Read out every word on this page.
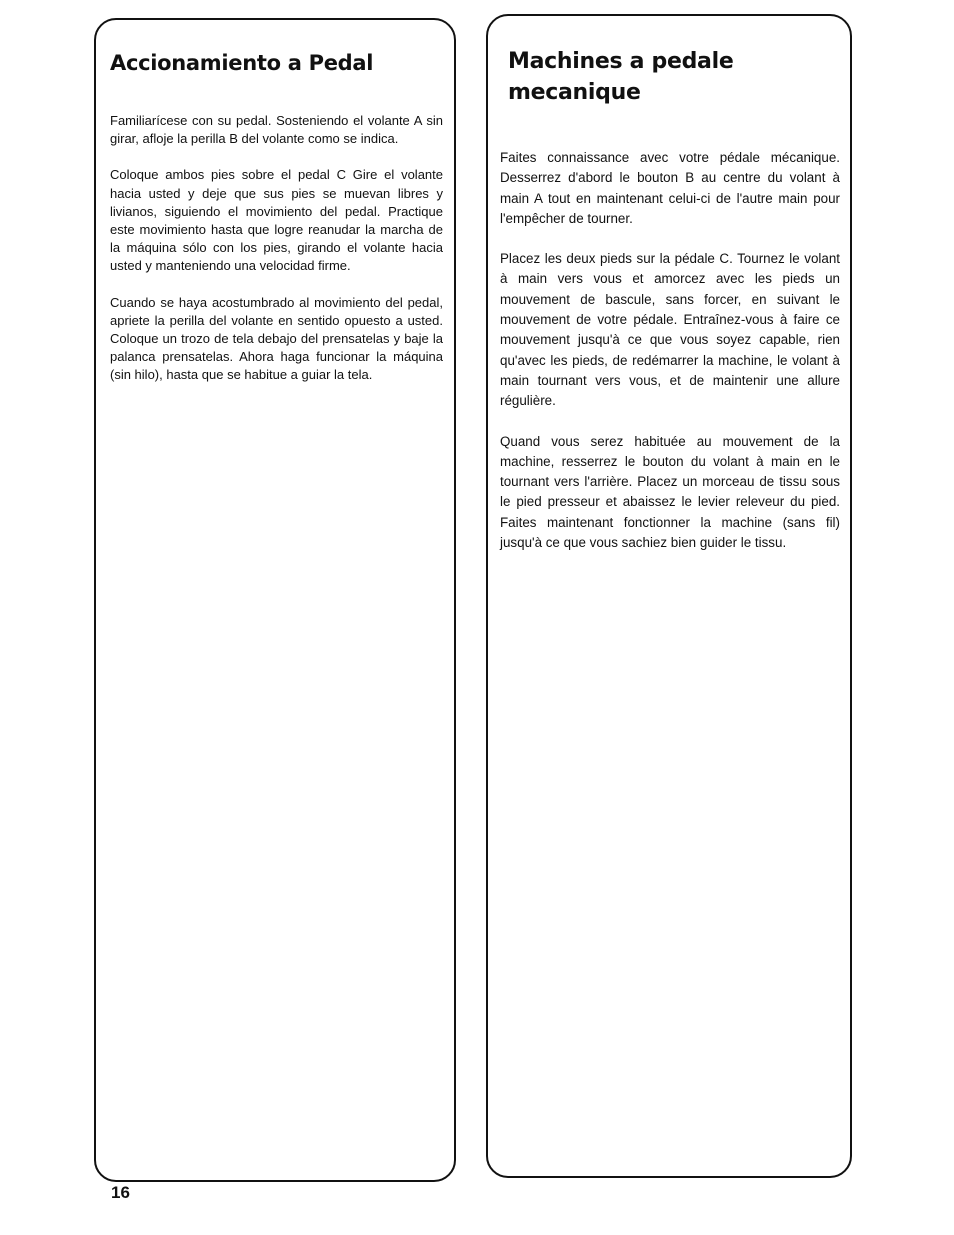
Accionamiento a Pedal

Familiarícese con su pedal. Sosteniendo el volante A sin girar, afloje la perilla B del volante como se indica.

Coloque ambos pies sobre el pedal C Gire el volante hacia usted y deje que sus pies se muevan libres y livianos, siguiendo el movimiento del pedal. Practique este movimiento hasta que logre reanudar la marcha de la máquina sólo con los pies, girando el volante hacia usted y manteniendo una velocidad firme.

Cuando se haya acostumbrado al movimiento del pedal, apriete la perilla del volante en sentido opuesto a usted. Coloque un trozo de tela debajo del prensatelas y baje la palanca prensatelas. Ahora haga funcionar la máquina (sin hilo), hasta que se habitue a guiar la tela.

Machines a pedale mecanique

Faites connaissance avec votre pédale mécanique. Desserrez d'abord le bouton B au centre du volant à main A tout en maintenant celui-ci de l'autre main pour l'empêcher de tourner.

Placez les deux pieds sur la pédale C. Tournez le volant à main vers vous et amorcez avec les pieds un mouvement de bascule, sans forcer, en suivant le mouvement de votre pédale. Entraînez-vous à faire ce mouvement jusqu'à ce que vous soyez capable, rien qu'avec les pieds, de redémarrer la machine, le volant à main tournant vers vous, et de maintenir une allure régulière.

Quand vous serez habituée au mouvement de la machine, resserrez le bouton du volant à main en le tournant vers l'arrière. Placez un morceau de tissu sous le pied presseur et abaissez le levier releveur du pied. Faites maintenant fonctionner la machine (sans fil) jusqu'à ce que vous sachiez bien guider le tissu.

16
